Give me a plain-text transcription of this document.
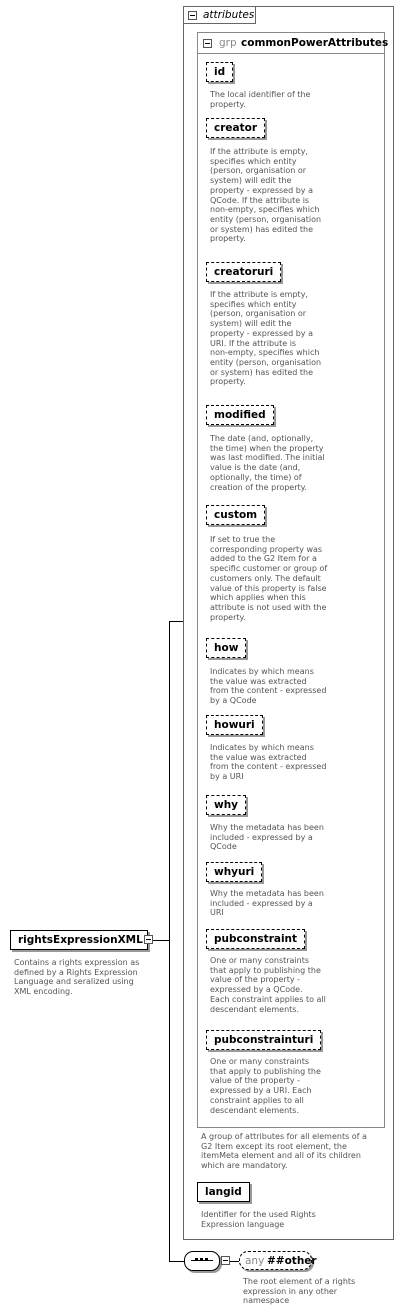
rightsExpressionXML
Contains a rights expression as
defined by a Rights Expression
Language and seralized using
XML encoding.
attributes
grp commonPowerAttributes
id
The local identifier of the
property.
creator
If the attribute is empty,
specifies which entity
(person, organisation or
system) will edit the
property - expressed by a
QCode. If the attribute is
non-empty, specifies which
entity (person, organisation
or system) has edited the
property.
creatoruri
If the attribute is empty,
specifies which entity
(person, organisation or
system) will edit the
property - expressed by a
URI. If the attribute is
non-empty, specifies which
entity (person, organisation
or system) has edited the
property.
modified
The date (and, optionally,
the time) when the property
was last modified. The initial
value is the date (and,
optionally, the time) of
creation of the property.
custom
If set to true the
corresponding property was
added to the G2 Item for a
specific customer or group of
customers only. The default
value of this property is false
which applies when this
attribute is not used with the
property.
how
Indicates by which means
the value was extracted
from the content - expressed
by a QCode
howuri
Indicates by which means
the value was extracted
from the content - expressed
by a URI
why
Why the metadata has been
included - expressed by a
QCode
whyuri
Why the metadata has been
included - expressed by a
URI
pubconstraint
One or many constraints
that apply to publishing the
value of the property -
expressed by a QCode.
Each constraint applies to all
descendant elements.
pubconstrainturi
One or many constraints
that apply to publishing the
value of the property -
expressed by a URI. Each
constraint applies to all
descendant elements.
A group of attributes for all elements of a
G2 Item except its root element, the
itemMeta element and all of its children
which are mandatory.
langid
Identifier for the used Rights
Expression language
any ##other
The root element of a rights
expression in any other
namespace
